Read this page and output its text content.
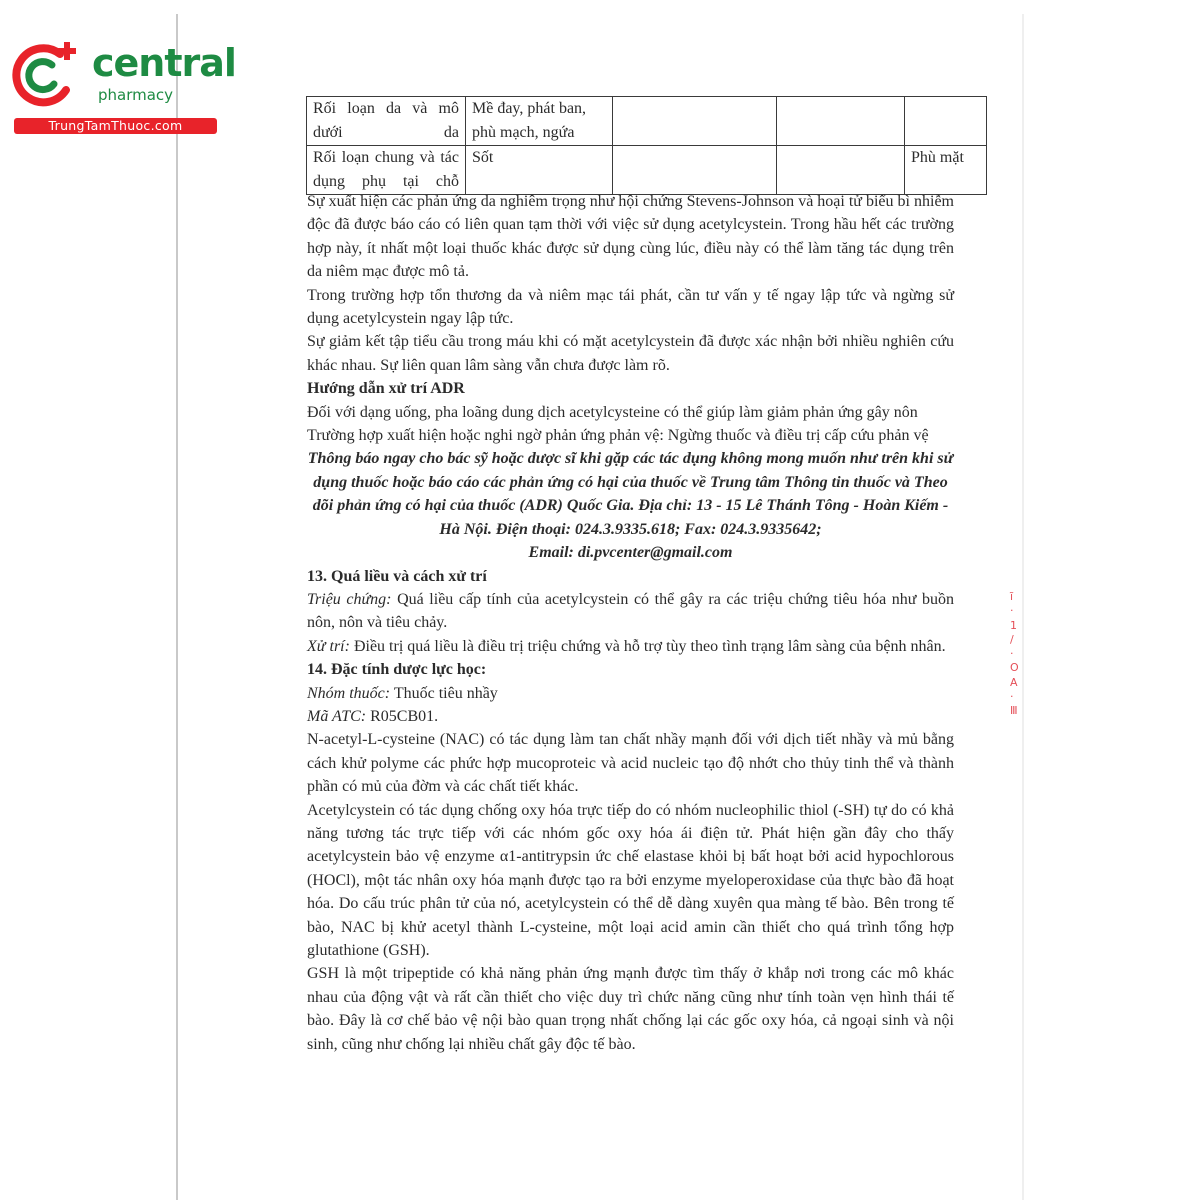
central
pharmacy
TrungTamThuoc.com
ĩ
·
1
/
·
O
A
·
Ⅲ
Rối loạn da và mô dưới da	Mề đay, phát ban, phù mạch, ngứa			
Rối loạn chung và tác dụng phụ tại chỗ	Sốt			Phù mặt

Sự xuất hiện các phản ứng da nghiêm trọng như hội chứng Stevens-Johnson và hoại tử biểu bì nhiễm độc đã được báo cáo có liên quan tạm thời với việc sử dụng acetylcystein. Trong hầu hết các trường hợp này, ít nhất một loại thuốc khác được sử dụng cùng lúc, điều này có thể làm tăng tác dụng trên da niêm mạc được mô tả.

Trong trường hợp tổn thương da và niêm mạc tái phát, cần tư vấn y tế ngay lập tức và ngừng sử dụng acetylcystein ngay lập tức.

Sự giảm kết tập tiểu cầu trong máu khi có mặt acetylcystein đã được xác nhận bởi nhiều nghiên cứu khác nhau. Sự liên quan lâm sàng vẫn chưa được làm rõ.

Hướng dẫn xử trí ADR

Đối với dạng uống, pha loãng dung dịch acetylcysteine có thể giúp làm giảm phản ứng gây nôn

Trường hợp xuất hiện hoặc nghi ngờ phản ứng phản vệ: Ngừng thuốc và điều trị cấp cứu phản vệ

Thông báo ngay cho bác sỹ hoặc dược sĩ khi gặp các tác dụng không mong muốn như trên khi sử dụng thuốc hoặc báo cáo các phản ứng có hại của thuốc về Trung tâm Thông tin thuốc và Theo dõi phản ứng có hại của thuốc (ADR) Quốc Gia. Địa chỉ: 13 - 15 Lê Thánh Tông - Hoàn Kiếm - Hà Nội. Điện thoại: 024.3.9335.618; Fax: 024.3.9335642;

Email: di.pvcenter@gmail.com

13. Quá liều và cách xử trí

Triệu chứng: Quá liều cấp tính của acetylcystein có thể gây ra các triệu chứng tiêu hóa như buồn nôn, nôn và tiêu chảy.

Xử trí: Điều trị quá liều là điều trị triệu chứng và hỗ trợ tùy theo tình trạng lâm sàng của bệnh nhân.

14. Đặc tính dược lực học:

Nhóm thuốc: Thuốc tiêu nhầy

Mã ATC: R05CB01.

N-acetyl-L-cysteine (NAC) có tác dụng làm tan chất nhầy mạnh đối với dịch tiết nhầy và mủ bằng cách khử polyme các phức hợp mucoproteic và acid nucleic tạo độ nhớt cho thủy tinh thể và thành phần có mủ của đờm và các chất tiết khác.

Acetylcystein có tác dụng chống oxy hóa trực tiếp do có nhóm nucleophilic thiol (-SH) tự do có khả năng tương tác trực tiếp với các nhóm gốc oxy hóa ái điện tử. Phát hiện gần đây cho thấy acetylcystein bảo vệ enzyme α1-antitrypsin ức chế elastase khỏi bị bất hoạt bởi acid hypochlorous (HOCl), một tác nhân oxy hóa mạnh được tạo ra bởi enzyme myeloperoxidase của thực bào đã hoạt hóa. Do cấu trúc phân tử của nó, acetylcystein có thể dễ dàng xuyên qua màng tế bào. Bên trong tế bào, NAC bị khử acetyl thành L-cysteine, một loại acid amin cần thiết cho quá trình tổng hợp glutathione (GSH).

GSH là một tripeptide có khả năng phản ứng mạnh được tìm thấy ở khắp nơi trong các mô khác nhau của động vật và rất cần thiết cho việc duy trì chức năng cũng như tính toàn vẹn hình thái tế bào. Đây là cơ chế bảo vệ nội bào quan trọng nhất chống lại các gốc oxy hóa, cả ngoại sinh và nội sinh, cũng như chống lại nhiều chất gây độc tế bào.
